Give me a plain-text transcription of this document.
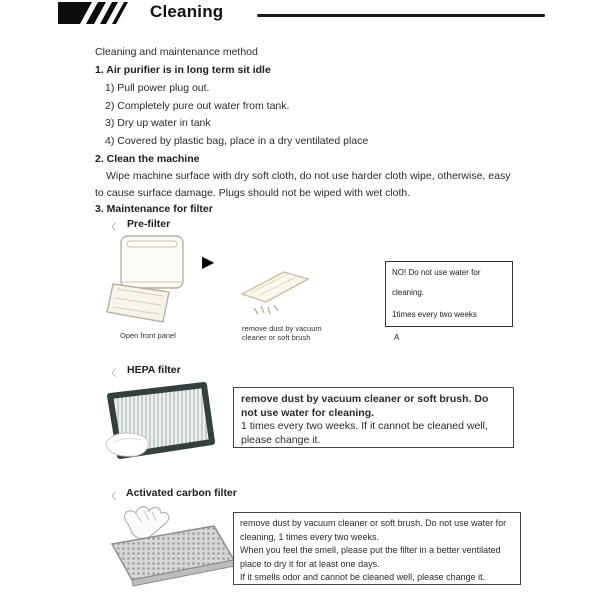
Cleaning
Cleaning and maintenance method
1. Air purifier is in long term sit idle
1) Pull power plug out.
2) Completely pure out water from tank.
3) Dry up water in tank
4) Covered by plastic bag, place in a dry ventilated place
2. Clean the machine
Wipe machine surface with dry soft cloth, do not use harder cloth wipe, otherwise, easy
to cause surface damage. Plugs should not be wiped with wet cloth.
3. Maintenance for filter
〈 Pre-filter
▶
NO! Do not use water for
cleaning.
1times every two weeks
A
Open front panel
remove dust by vacuum
cleaner or soft brush
〈 HEPA filter
remove dust by vacuum cleaner or soft brush. Do not use water for cleaning.
1 times every two weeks. If it cannot be cleaned well, please change it.
〈 Activated carbon filter
remove dust by vacuum cleaner or soft brush. Do not use water for
cleaning, 1 times every two weeks.
When you feel the smell, please put the filter in a better ventilated
place to dry it for at least one days.
If it smells odor and cannot be cleaned well, please change it.
